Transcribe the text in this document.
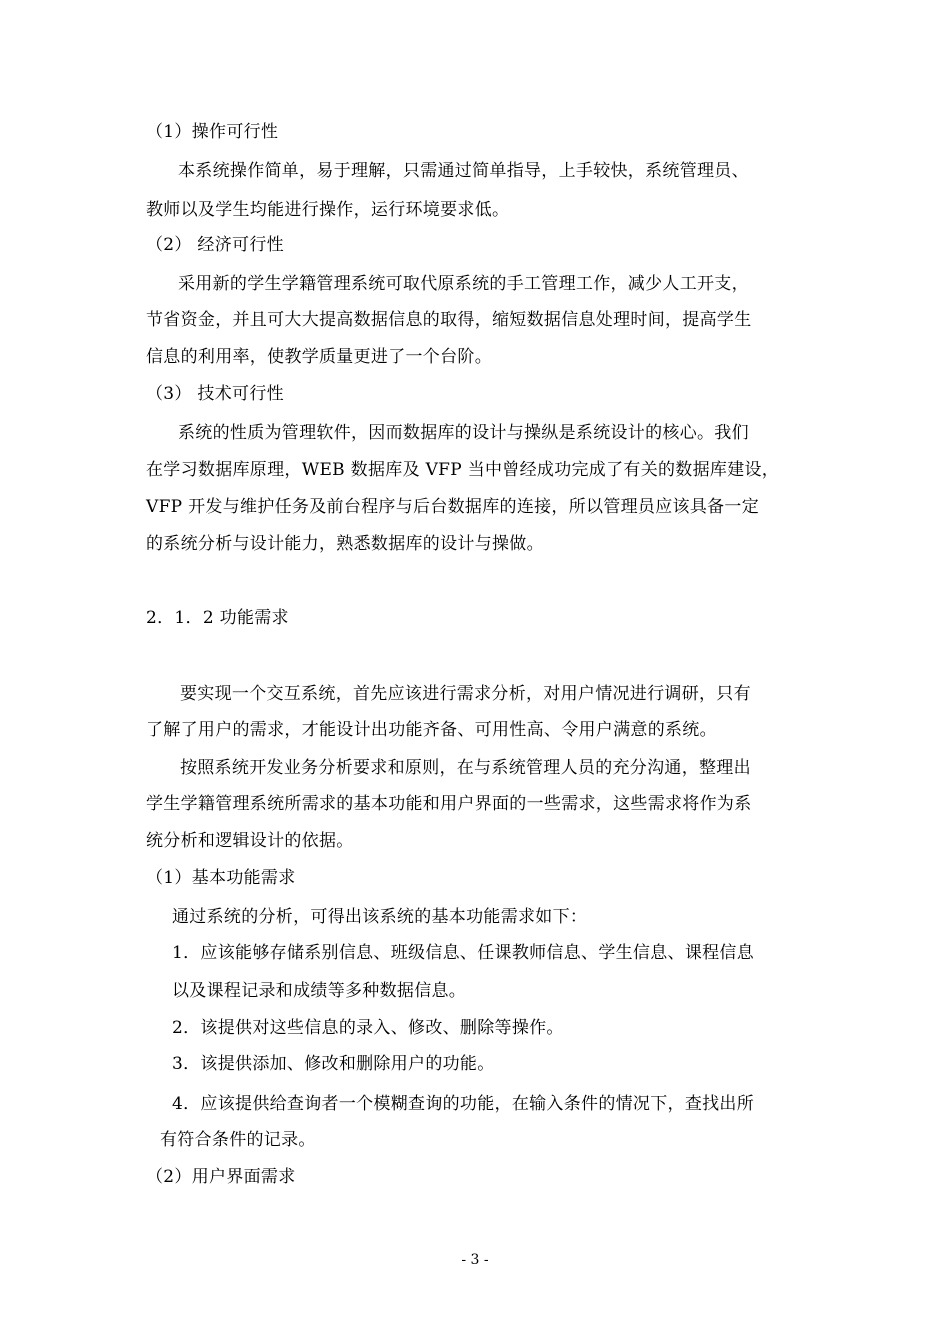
（1）操作可行性
本系统操作简单，易于理解，只需通过简单指导，上手较快，系统管理员、
教师以及学生均能进行操作，运行环境要求低。
（2） 经济可行性
采用新的学生学籍管理系统可取代原系统的手工管理工作，减少人工开支，
节省资金，并且可大大提高数据信息的取得，缩短数据信息处理时间，提高学生
信息的利用率，使教学质量更进了一个台阶。
（3） 技术可行性
系统的性质为管理软件，因而数据库的设计与操纵是系统设计的核心。我们
在学习数据库原理，WEB 数据库及 VFP 当中曾经成功完成了有关的数据库建设，
VFP 开发与维护任务及前台程序与后台数据库的连接，所以管理员应该具备一定
的系统分析与设计能力，熟悉数据库的设计与操做。
2．1．2 功能需求
要实现一个交互系统，首先应该进行需求分析，对用户情况进行调研，只有
了解了用户的需求，才能设计出功能齐备、可用性高、令用户满意的系统。
按照系统开发业务分析要求和原则，在与系统管理人员的充分沟通，整理出
学生学籍管理系统所需求的基本功能和用户界面的一些需求，这些需求将作为系
统分析和逻辑设计的依据。
（1）基本功能需求
通过系统的分析，可得出该系统的基本功能需求如下：
1．应该能够存储系别信息、班级信息、任课教师信息、学生信息、课程信息
以及课程记录和成绩等多种数据信息。
2．该提供对这些信息的录入、修改、删除等操作。
3．该提供添加、修改和删除用户的功能。
4．应该提供给查询者一个模糊查询的功能，在输入条件的情况下，查找出所
有符合条件的记录。
（2）用户界面需求
- 3 -
